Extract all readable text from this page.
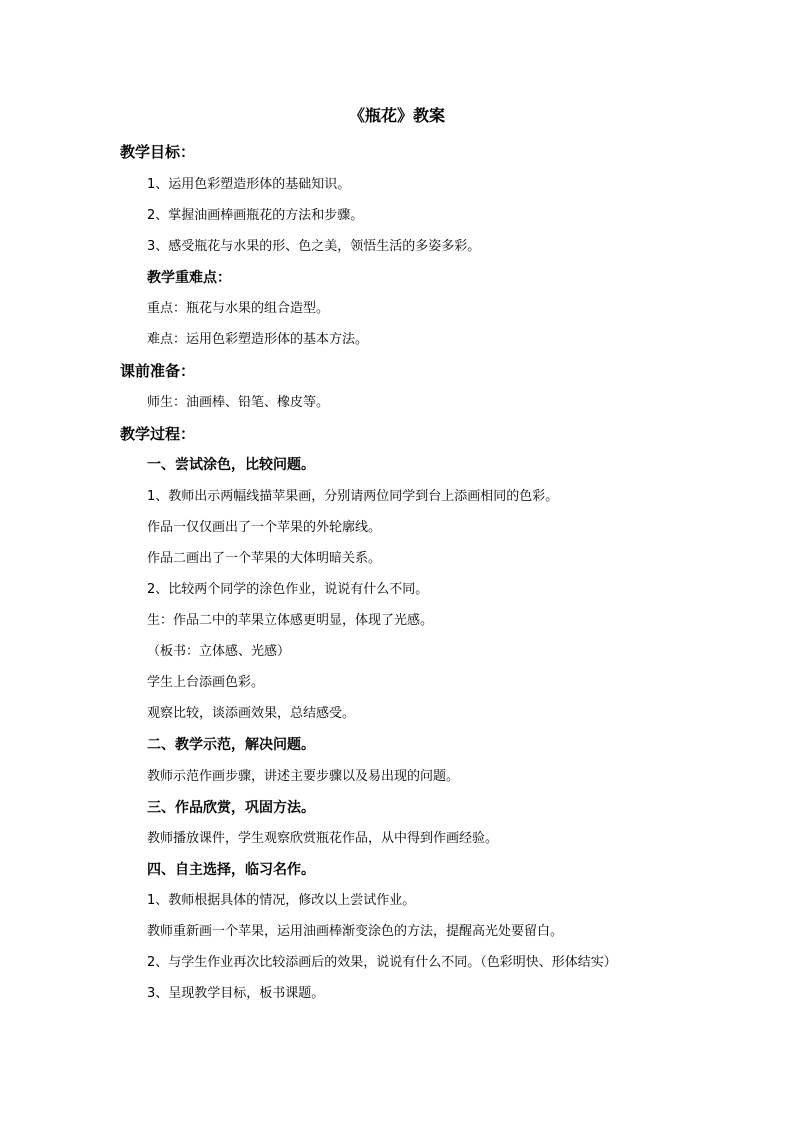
《瓶花》教案
教学目标：
1、运用色彩塑造形体的基础知识。
2、掌握油画棒画瓶花的方法和步骤。
3、感受瓶花与水果的形、色之美，领悟生活的多姿多彩。
教学重难点：
重点：瓶花与水果的组合造型。
难点：运用色彩塑造形体的基本方法。
课前准备：
师生：油画棒、铅笔、橡皮等。
教学过程：
一、尝试涂色，比较问题。
1、教师出示两幅线描苹果画，分别请两位同学到台上添画相同的色彩。
作品一仅仅画出了一个苹果的外轮廓线。
作品二画出了一个苹果的大体明暗关系。
2、比较两个同学的涂色作业，说说有什么不同。
生：作品二中的苹果立体感更明显，体现了光感。
（板书：立体感、光感）
学生上台添画色彩。
观察比较，谈添画效果，总结感受。
二、教学示范，解决问题。
教师示范作画步骤，讲述主要步骤以及易出现的问题。
三、作品欣赏，巩固方法。
教师播放课件，学生观察欣赏瓶花作品，从中得到作画经验。
四、自主选择，临习名作。
1、教师根据具体的情况，修改以上尝试作业。
教师重新画一个苹果，运用油画棒渐变涂色的方法，提醒高光处要留白。
2、与学生作业再次比较添画后的效果，说说有什么不同。（色彩明快、形体结实）
3、呈现教学目标，板书课题。
